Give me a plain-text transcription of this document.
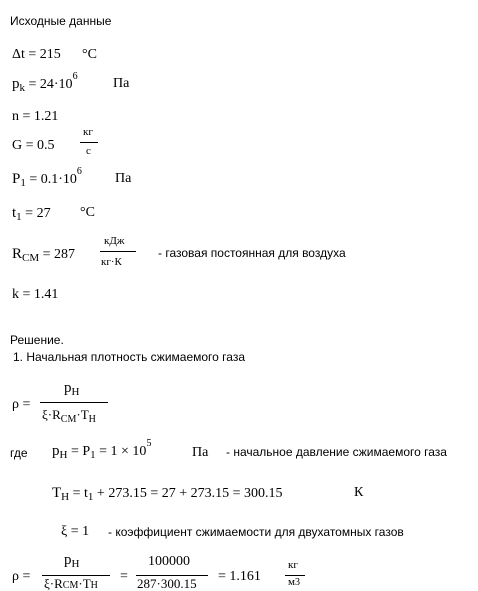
Исходные данные
Δt = 215 °C
$p_k = 24\cdot 10^6$	Па
n = 1.21
G = 0.5
кг
с
$P_1 = 0.1\cdot 10^6$ Па
$t_1 = 27$ °C
$R_{СМ} = 287$
кДж
кг·К
- газовая постоянная для воздуха
k = 1.41
Решение.
1. Начальная плотность сжимаемого газа
ρ =
$p_Н$
$\xi\cdot R_{СМ}\cdot T_Н$
где $p_Н = P_1 = 1 \times 10^5$
Па - начальное давление сжимаемого газа
$T_Н = t_1 + 273.15 = 27 + 273.15 = 300.15$	К
ξ = 1 - коэффициент сжимаемости для двухатомных газов
ρ =
$p_Н$
ξ·RСМ·TН
=
100000
287·300.15 = 1.161
кг
м3
